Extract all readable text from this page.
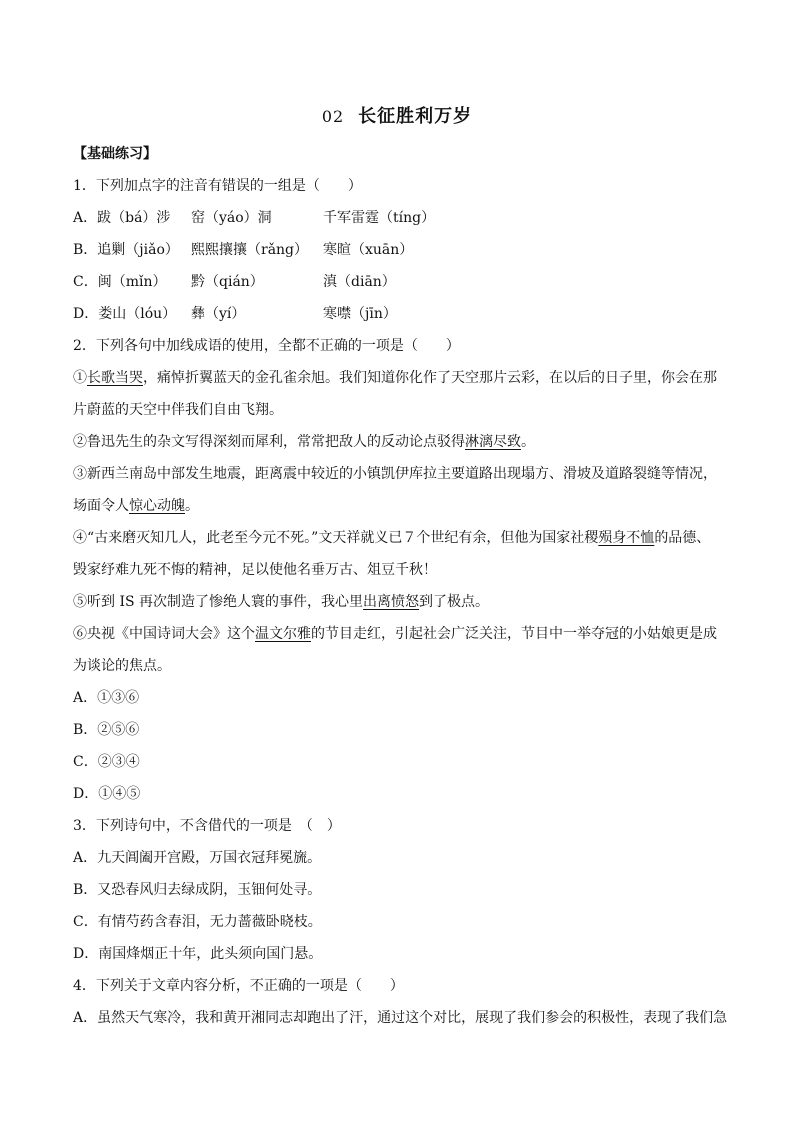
02 长征胜利万岁
【基础练习】
1．下列加点字的注音有错误的一组是（　　）
A．跋（bá）涉 窑（yáo）洞	千军雷霆（tíng）
B．追剿（jiǎo） 熙熙攘攘（rǎng） 寒暄（xuān）
C．闽（mǐn） 黔（qián）	滇（diān）
D．娄山（lóu） 彝（yí）	寒噤（jīn）
2．下列各句中加线成语的使用，全都不正确的一项是（　　）
①长歌当哭，痛悼折翼蓝天的金孔雀余旭。我们知道你化作了天空那片云彩，在以后的日子里，你会在那
片蔚蓝的天空中伴我们自由飞翔。
②鲁迅先生的杂文写得深刻而犀利，常常把敌人的反动论点驳得淋漓尽致。
③新西兰南岛中部发生地震，距离震中较近的小镇凯伊库拉主要道路出现塌方、滑坡及道路裂缝等情况，
场面令人惊心动魄。
④“古来磨灭知几人，此老至今元不死。”文天祥就义已７个世纪有余，但他为国家社稷殒身不恤的品德、
毁家纾难九死不悔的精神，足以使他名垂万古、俎豆千秋！
⑤听到 IS 再次制造了惨绝人寰的事件，我心里出离愤怒到了极点。
⑥央视《中国诗词大会》这个温文尔雅的节目走红，引起社会广泛关注，节目中一举夺冠的小姑娘更是成
为谈论的焦点。
A．①③⑥
B．②⑤⑥
C．②③④
D．①④⑤
3．下列诗句中，不含借代的一项是　（　）
A．九天阊阖开宫殿，万国衣冠拜冕旒。
B．又恐春风归去绿成阴，玉钿何处寻。
C．有情芍药含春泪，无力蔷薇卧晓枝。
D．南国烽烟正十年，此头须向国门悬。
4．下列关于文章内容分析，不正确的一项是（　　）
A．虽然天气寒冷，我和黄开湘同志却跑出了汗，通过这个对比，展现了我们参会的积极性，表现了我们急
